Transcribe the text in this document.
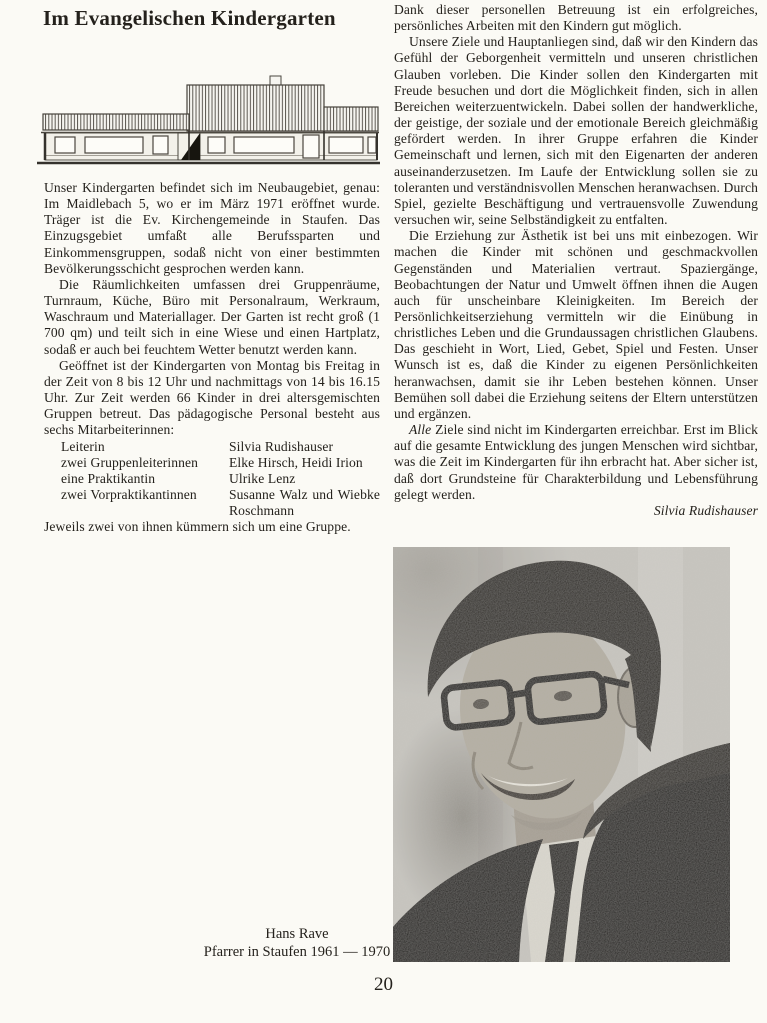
Im Evangelischen Kindergarten

Unser Kindergarten befindet sich im Neubaugebiet, genau: Im Maidlebach 5, wo er im März 1971 eröffnet wurde. Träger ist die Ev. Kirchengemeinde in Staufen. Das Einzugsgebiet umfaßt alle Berufssparten und Einkommensgruppen, sodaß nicht von einer bestimmten Bevölkerungsschicht gesprochen werden kann.

Die Räumlichkeiten umfassen drei Gruppenräume, Turnraum, Küche, Büro mit Personalraum, Werkraum, Waschraum und Materiallager. Der Garten ist recht groß (1 700 qm) und teilt sich in eine Wiese und einen Hartplatz, sodaß er auch bei feuchtem Wetter benutzt werden kann.

Geöffnet ist der Kindergarten von Montag bis Freitag in der Zeit von 8 bis 12 Uhr und nachmittags von 14 bis 16.15 Uhr. Zur Zeit werden 66 Kinder in drei altersgemischten Gruppen betreut. Das pädagogische Personal besteht aus sechs Mitarbeiterinnen:

Leiterin	Silvia Rudishauser
zwei Gruppenleiterinnen	Elke Hirsch, Heidi Irion
eine Praktikantin	Ulrike Lenz
zwei Vorpraktikantinnen	Susanne Walz und Wiebke Roschmann

Jeweils zwei von ihnen kümmern sich um eine Gruppe.

Dank dieser personellen Betreuung ist ein erfolgreiches, persönliches Arbeiten mit den Kindern gut möglich.

Unsere Ziele und Hauptanliegen sind, daß wir den Kindern das Gefühl der Geborgenheit vermitteln und unseren christlichen Glauben vorleben. Die Kinder sollen den Kindergarten mit Freude besuchen und dort die Möglichkeit finden, sich in allen Bereichen weiterzuentwickeln. Dabei sollen der handwerkliche, der geistige, der soziale und der emotionale Bereich gleichmäßig gefördert werden. In ihrer Gruppe erfahren die Kinder Gemeinschaft und lernen, sich mit den Eigenarten der anderen auseinanderzusetzen. Im Laufe der Entwicklung sollen sie zu toleranten und verständnisvollen Menschen heranwachsen. Durch Spiel, gezielte Beschäftigung und vertrauensvolle Zuwendung versuchen wir, seine Selbständigkeit zu entfalten.

Die Erziehung zur Ästhetik ist bei uns mit einbezogen. Wir machen die Kinder mit schönen und geschmackvollen Gegenständen und Materialien vertraut. Spaziergänge, Beobachtungen der Natur und Umwelt öffnen ihnen die Augen auch für unscheinbare Kleinigkeiten. Im Bereich der Persönlichkeitserziehung vermitteln wir die Einübung in christliches Leben und die Grundaussagen christlichen Glaubens. Das geschieht in Wort, Lied, Gebet, Spiel und Festen. Unser Wunsch ist es, daß die Kinder zu eigenen Persönlichkeiten heranwachsen, damit sie ihr Leben bestehen können. Unser Bemühen soll dabei die Erziehung seitens der Eltern unterstützen und ergänzen.

Alle Ziele sind nicht im Kindergarten erreichbar. Erst im Blick auf die gesamte Entwicklung des jungen Menschen wird sichtbar, was die Zeit im Kindergarten für ihn erbracht hat. Aber sicher ist, daß dort Grundsteine für Charakterbildung und Lebensführung gelegt werden.

Silvia Rudishauser

Hans Rave
Pfarrer in Staufen 1961 — 1970
20
